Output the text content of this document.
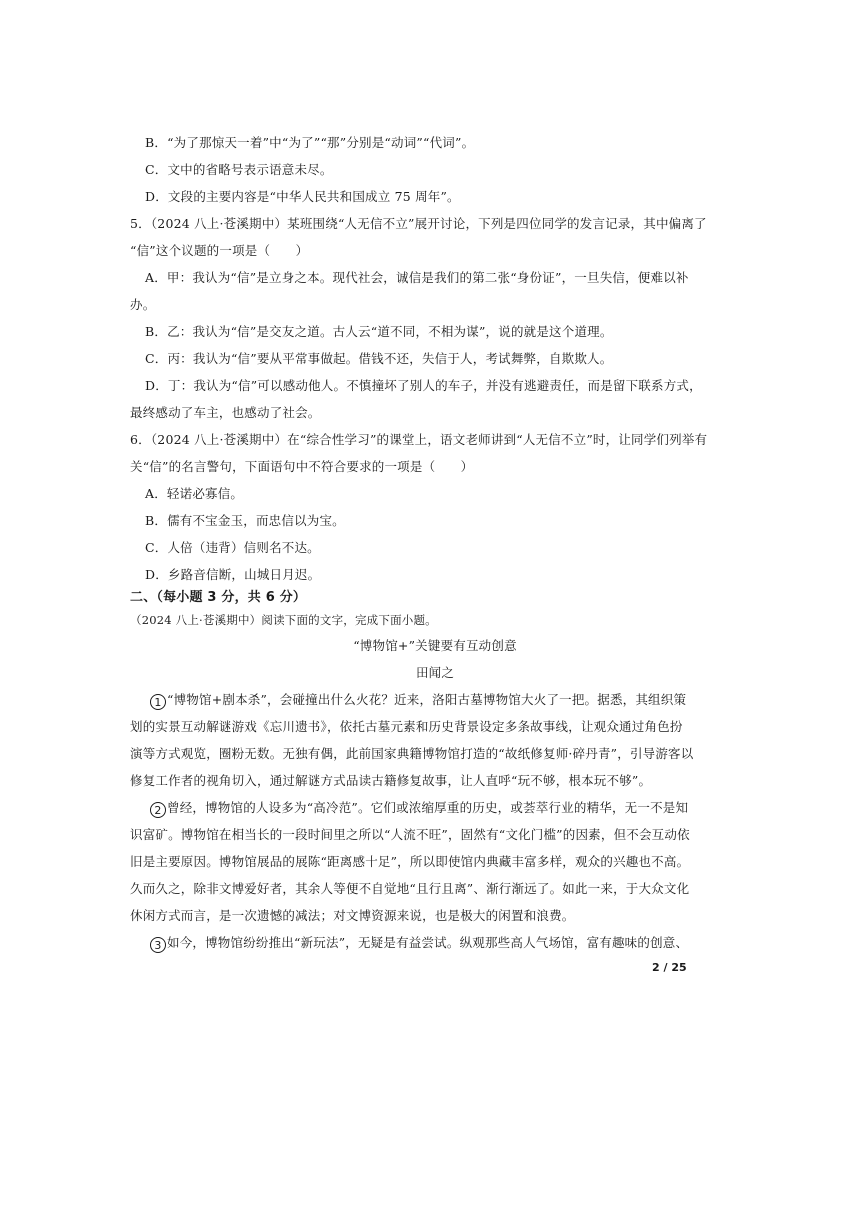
B．“为了那惊天一着”中“为了”“那”分别是“动词”“代词”。
C．文中的省略号表示语意未尽。
D．文段的主要内容是“中华人民共和国成立 75 周年”。
5．（2024 八上·苍溪期中）某班围绕“人无信不立”展开讨论，下列是四位同学的发言记录，其中偏离了
“信”这个议题的一项是（　　）
A．甲：我认为“信”是立身之本。现代社会，诚信是我们的第二张“身份证”，一旦失信，便难以补
办。
B．乙：我认为“信”是交友之道。古人云“道不同，不相为谋”，说的就是这个道理。
C．丙：我认为“信”要从平常事做起。借钱不还，失信于人，考试舞弊，自欺欺人。
D．丁：我认为“信”可以感动他人。不慎撞坏了别人的车子，并没有逃避责任，而是留下联系方式，
最终感动了车主，也感动了社会。
6．（2024 八上·苍溪期中）在“综合性学习”的课堂上，语文老师讲到“人无信不立”时，让同学们列举有
关“信”的名言警句，下面语句中不符合要求的一项是（　　）
A．轻诺必寡信。
B．儒有不宝金玉，而忠信以为宝。
C．人倍（违背）信则名不达。
D．乡路音信断，山城日月迟。
二、（每小题 3 分，共 6 分）
（2024 八上·苍溪期中）阅读下面的文字，完成下面小题。
“博物馆+”关键要有互动创意
田闻之
1 “博物馆+剧本杀”，会碰撞出什么火花？近来，洛阳古墓博物馆大火了一把。据悉，其组织策
划的实景互动解谜游戏《忘川遗书》，依托古墓元素和历史背景设定多条故事线，让观众通过角色扮
演等方式观览，圈粉无数。无独有偶，此前国家典籍博物馆打造的“故纸修复师·碎丹青”，引导游客以
修复工作者的视角切入，通过解谜方式品读古籍修复故事，让人直呼“玩不够，根本玩不够”。
2 曾经，博物馆的人设多为“高冷范”。它们或浓缩厚重的历史，或荟萃行业的精华，无一不是知
识富矿。博物馆在相当长的一段时间里之所以“人流不旺”，固然有“文化门槛”的因素，但不会互动依
旧是主要原因。博物馆展品的展陈“距离感十足”，所以即使馆内典藏丰富多样，观众的兴趣也不高。
久而久之，除非文博爱好者，其余人等便不自觉地“且行且离”、渐行渐远了。如此一来，于大众文化
休闲方式而言，是一次遗憾的减法；对文博资源来说，也是极大的闲置和浪费。
3 如今，博物馆纷纷推出“新玩法”，无疑是有益尝试。纵观那些高人气场馆，富有趣味的创意、
2 / 25
